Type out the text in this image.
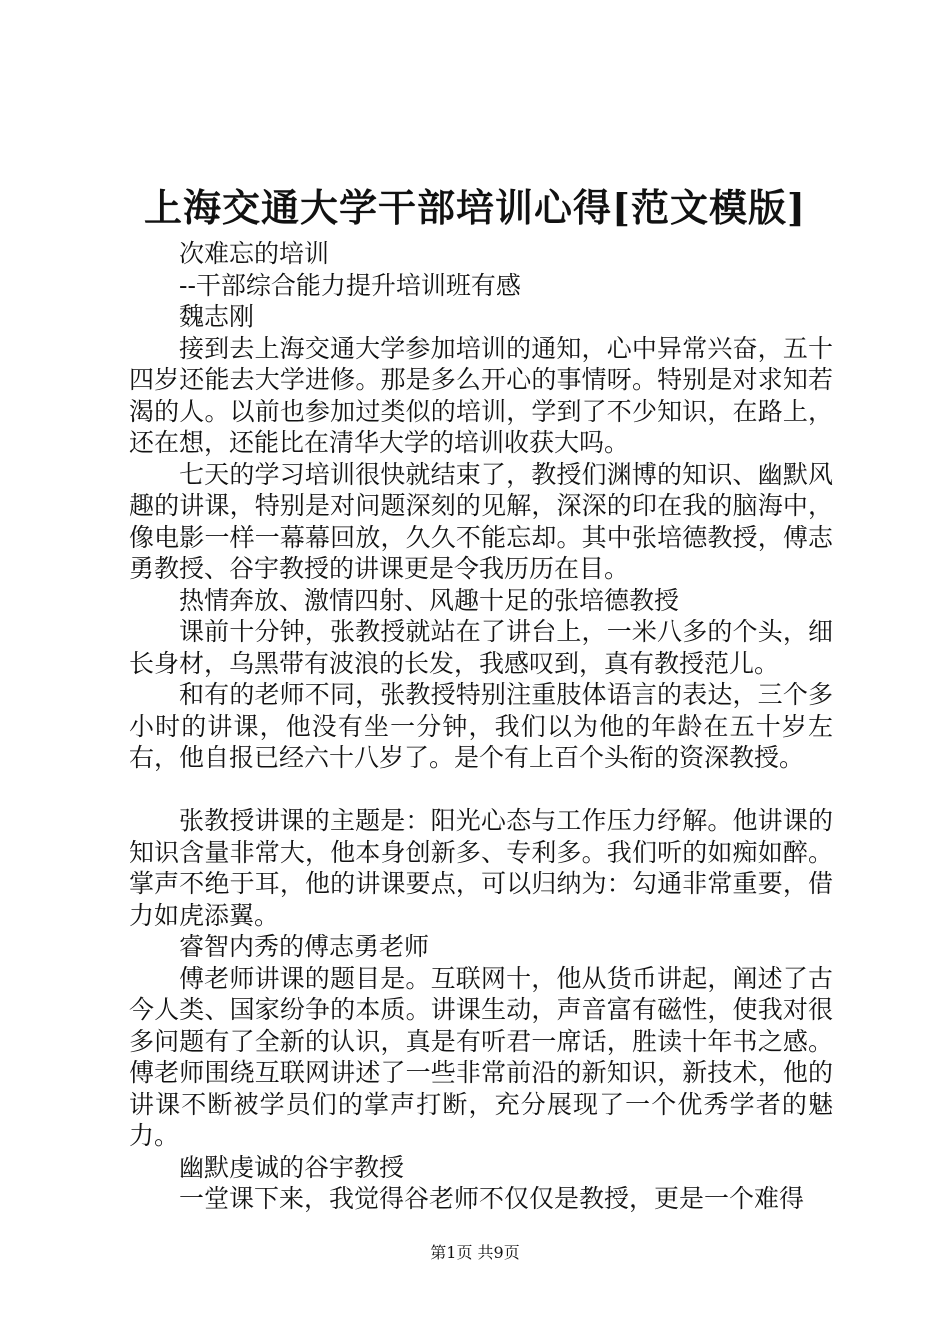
上海交通大学干部培训心得[范文模版]

次难忘的培训

--干部综合能力提升培训班有感

魏志刚

接到去上海交通大学参加培训的通知，心中异常兴奋，五十四岁还能去大学进修。那是多么开心的事情呀。特别是对求知若渴的人。以前也参加过类似的培训，学到了不少知识，在路上，还在想，还能比在清华大学的培训收获大吗。

七天的学习培训很快就结束了，教授们渊博的知识、幽默风趣的讲课，特别是对问题深刻的见解，深深的印在我的脑海中，像电影一样一幕幕回放，久久不能忘却。其中张培德教授，傅志勇教授、谷宇教授的讲课更是令我历历在目。

热情奔放、激情四射、风趣十足的张培德教授

课前十分钟，张教授就站在了讲台上，一米八多的个头，细长身材，乌黑带有波浪的长发，我感叹到，真有教授范儿。

和有的老师不同，张教授特别注重肢体语言的表达，三个多小时的讲课，他没有坐一分钟，我们以为他的年龄在五十岁左右，他自报已经六十八岁了。是个有上百个头衔的资深教授。

张教授讲课的主题是：阳光心态与工作压力纾解。他讲课的知识含量非常大，他本身创新多、专利多。我们听的如痴如醉。掌声不绝于耳，他的讲课要点，可以归纳为：勾通非常重要，借力如虎添翼。

睿智内秀的傅志勇老师

傅老师讲课的题目是。互联网十，他从货币讲起，阐述了古今人类、国家纷争的本质。讲课生动，声音富有磁性，使我对很多问题有了全新的认识，真是有听君一席话，胜读十年书之感。傅老师围绕互联网讲述了一些非常前沿的新知识，新技术，他的讲课不断被学员们的掌声打断，充分展现了一个优秀学者的魅力。

幽默虔诚的谷宇教授

一堂课下来，我觉得谷老师不仅仅是教授，更是一个难得

第1页 共9页
